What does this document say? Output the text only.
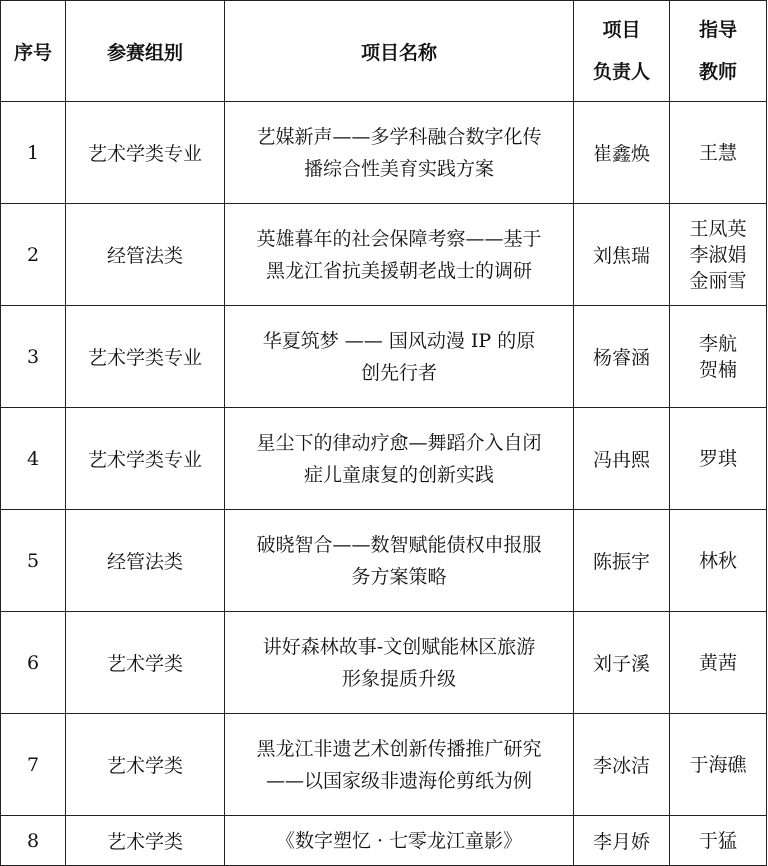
序号	参赛组别	项目名称	项目
负责人	指导
教师

1	艺术学类专业	艺媒新声——多学科融合数字化传
播综合性美育实践方案	崔鑫焕	王慧

2	经管法类	英雄暮年的社会保障考察——基于
黑龙江省抗美援朝老战士的调研	刘焦瑞	王凤英
李淑娟
金丽雪

3	艺术学类专业	华夏筑梦 —— 国风动漫 IP 的原
创先行者	杨睿涵	李航
贺楠

4	艺术学类专业	星尘下的律动疗愈—舞蹈介入自闭
症儿童康复的创新实践	冯冉熙	罗琪

5	经管法类	破晓智合——数智赋能债权申报服
务方案策略	陈振宇	林秋

6	艺术学类	讲好森林故事-文创赋能林区旅游
形象提质升级	刘子溪	黄茜

7	艺术学类	黑龙江非遗艺术创新传播推广研究
——以国家级非遗海伦剪纸为例	李冰洁	于海礁

8	艺术学类	《数字塑忆 · 七零龙江童影》	李月娇	于猛
